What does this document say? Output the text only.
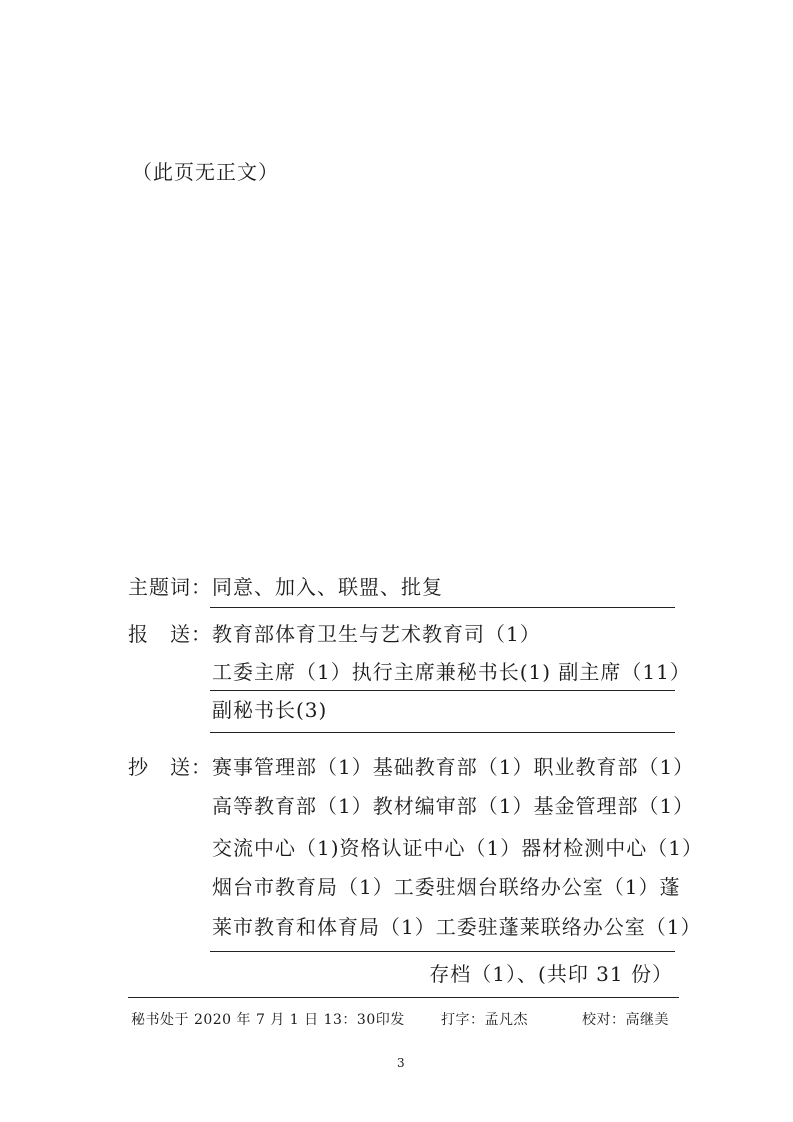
（此页无正文）
主题词： 同意、加入、联盟、批复
报　送： 教育部体育卫生与艺术教育司（1）
工委主席（1）执行主席兼秘书长(1) 副主席（11）
副秘书长(3)
抄　送： 赛事管理部（1）基础教育部（1）职业教育部（1）
高等教育部（1）教材编审部（1）基金管理部（1）
交流中心（1)资格认证中心（1）器材检测中心（1）
烟台市教育局（1）工委驻烟台联络办公室（1）蓬
莱市教育和体育局（1）工委驻蓬莱联络办公室（1）
存档（1）、(共印 31 份）
秘书处于 2020 年 7 月 1 日 13：30印发	打字：孟凡杰	校对：高继美
3
